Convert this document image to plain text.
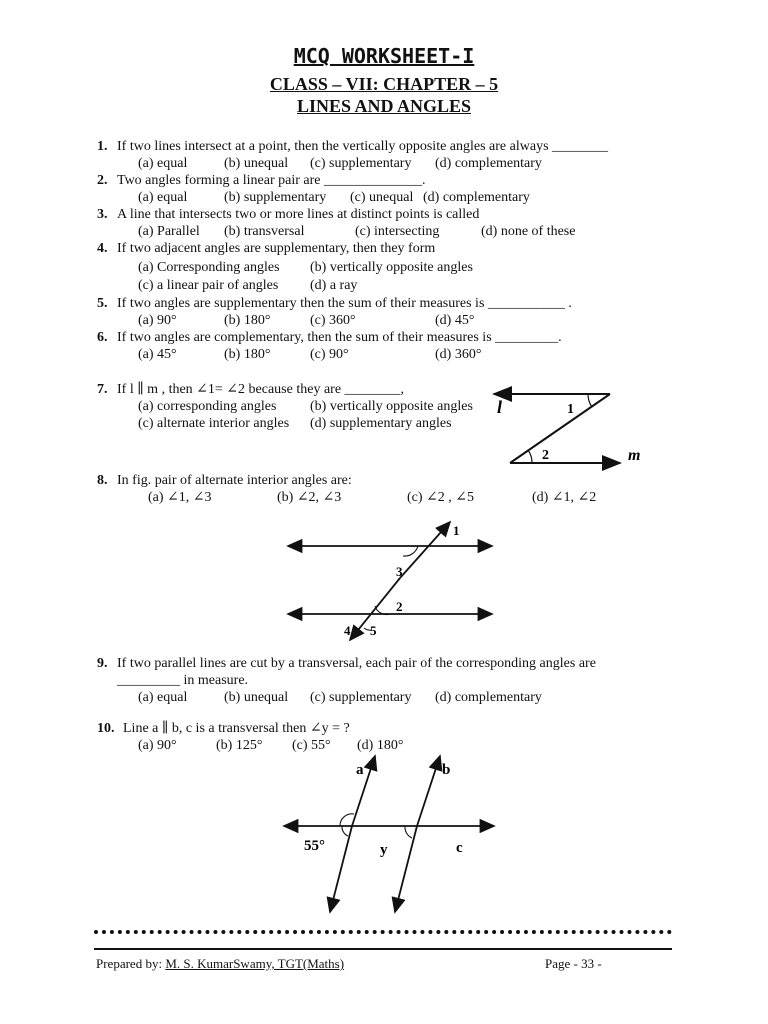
MCQ WORKSHEET-I
CLASS – VII: CHAPTER – 5
LINES AND ANGLES
1. If two lines intersect at a point, then the vertically opposite angles are always ________
(a) equal	(b) unequal (c) supplementary (d) complementary
2. Two angles forming a linear pair are ______________.
(a) equal	(b) supplementary (c) unequal (d) complementary
3. A line that intersects two or more lines at distinct points is called
(a) Parallel (b) transversal	(c) intersecting	(d) none of these
4. If two adjacent angles are supplementary, then they form
(a) Corresponding angles (b) vertically opposite angles
(c) a linear pair of angles (d) a ray
5. If two angles are supplementary then the sum of their measures is ___________ .
(a) 90°	(b) 180°	(c) 360°	(d) 45°
6. If two angles are complementary, then the sum of their measures is _________.
(a) 45°	(b) 180°	(c) 90°	(d) 360°
7. If l ∥ m , then ∠1= ∠2 because they are ________,
(a) corresponding angles (b) vertically opposite angles
(c) alternate interior angles (d) supplementary angles
l
m
1
2
8. In fig. pair of alternate interior angles are:
(a) ∠1, ∠3	(b) ∠2, ∠3	(c) ∠2 , ∠5	(d) ∠1, ∠2
1
2
3
4 5
9. If two parallel lines are cut by a transversal, each pair of the corresponding angles are
_________ in measure.
(a) equal	(b) unequal (c) supplementary (d) complementary
10. Line a ∥ b, c is a transversal then ∠y = ?
(a) 90°	(b) 125° (c) 55° (d) 180°
a	b
c
y
55°
Prepared by: M. S. KumarSwamy, TGT(Maths)	Page - 33 -
